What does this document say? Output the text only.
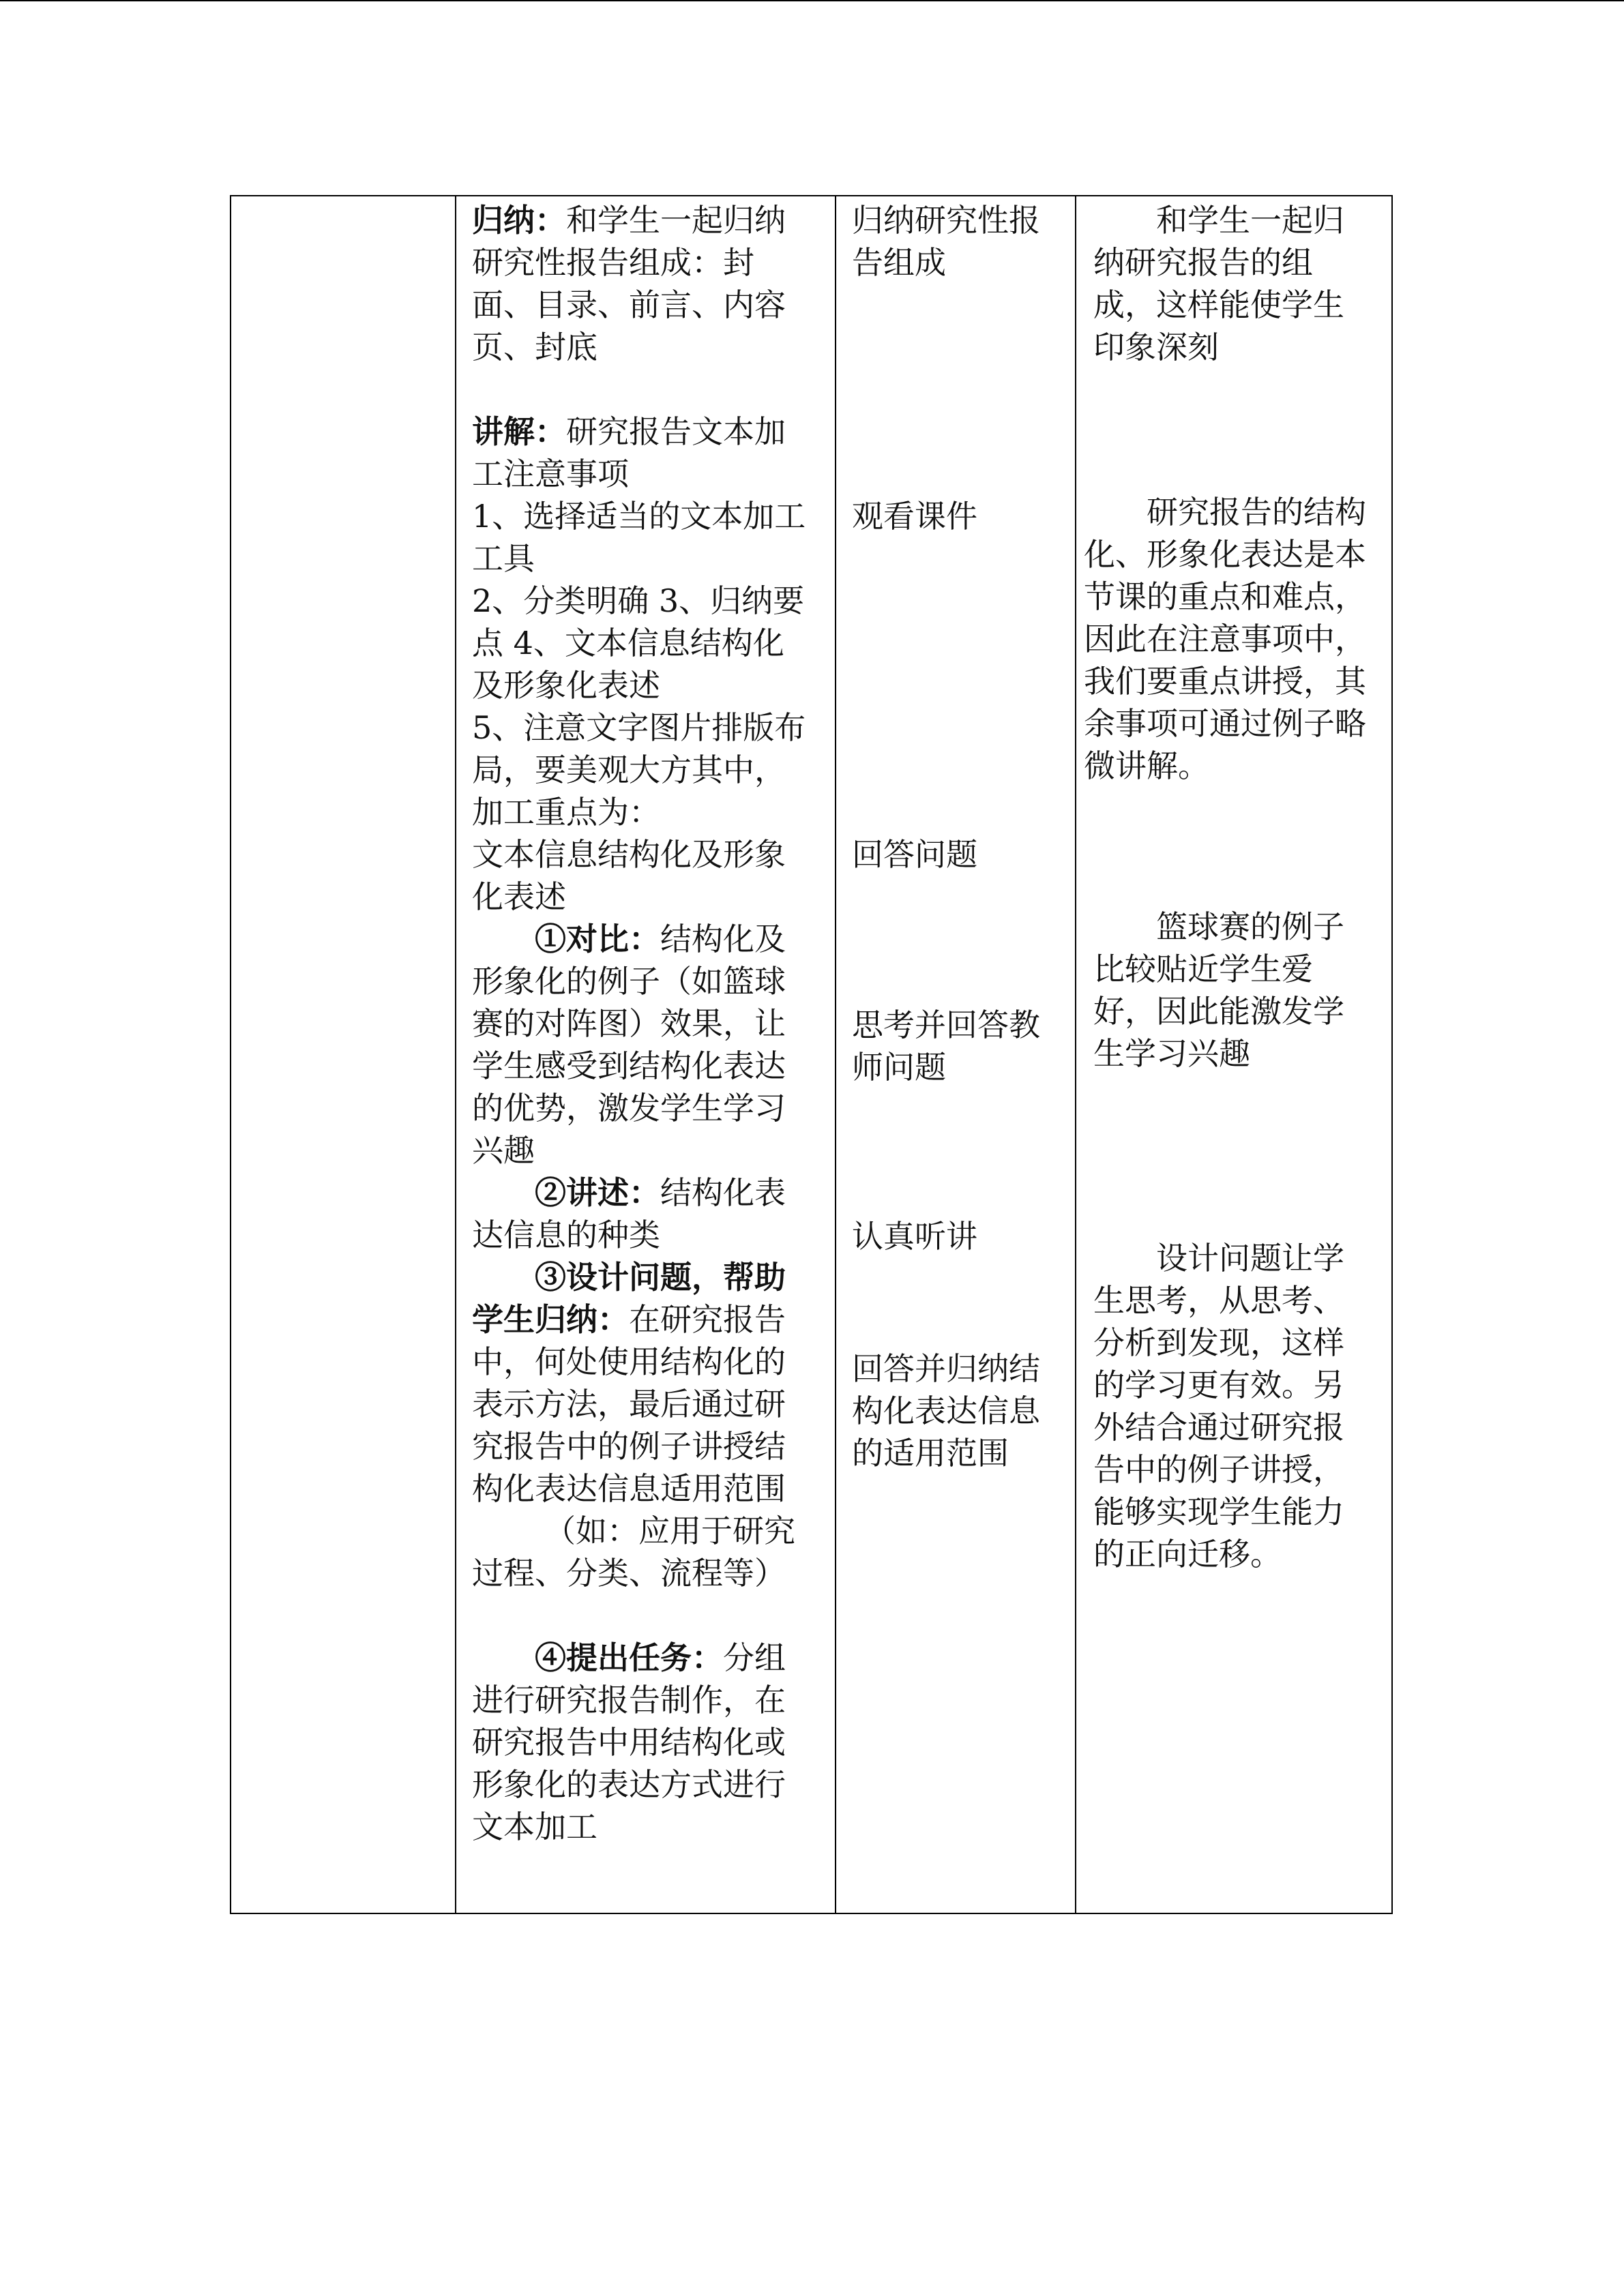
归纳：和学生一起归纳研究性报告组成：封面、目录、前言、内容页、封底

讲解：研究报告文本加工注意事项

1、选择适当的文本加工工具

2、分类明确 3、归纳要点 4、文本信息结构化及形象化表述

5、注意文字图片排版布局，要美观大方其中，加工重点为：

文本信息结构化及形象化表述

①对比：结构化及形象化的例子（如篮球赛的对阵图）效果，让学生感受到结构化表达的优势，激发学生学习兴趣

②讲述：结构化表达信息的种类

③设计问题，帮助学生归纳：在研究报告中，何处使用结构化的表示方法，最后通过研究报告中的例子讲授结构化表达信息适用范围

（如：应用于研究过程、分类、流程等）

④提出任务：分组进行研究报告制作，在研究报告中用结构化或形象化的表达方式进行文本加工

归纳研究性报告组成

观看课件

回答问题

思考并回答教师问题

认真听讲

回答并归纳结构化表达信息的适用范围

和学生一起归纳研究报告的组成，这样能使学生印象深刻

研究报告的结构化、形象化表达是本节课的重点和难点，因此在注意事项中，我们要重点讲授，其余事项可通过例子略微讲解。

篮球赛的例子比较贴近学生爱好，因此能激发学生学习兴趣

设计问题让学生思考，从思考、分析到发现，这样的学习更有效。另外结合通过研究报告中的例子讲授，能够实现学生能力的正向迁移。
